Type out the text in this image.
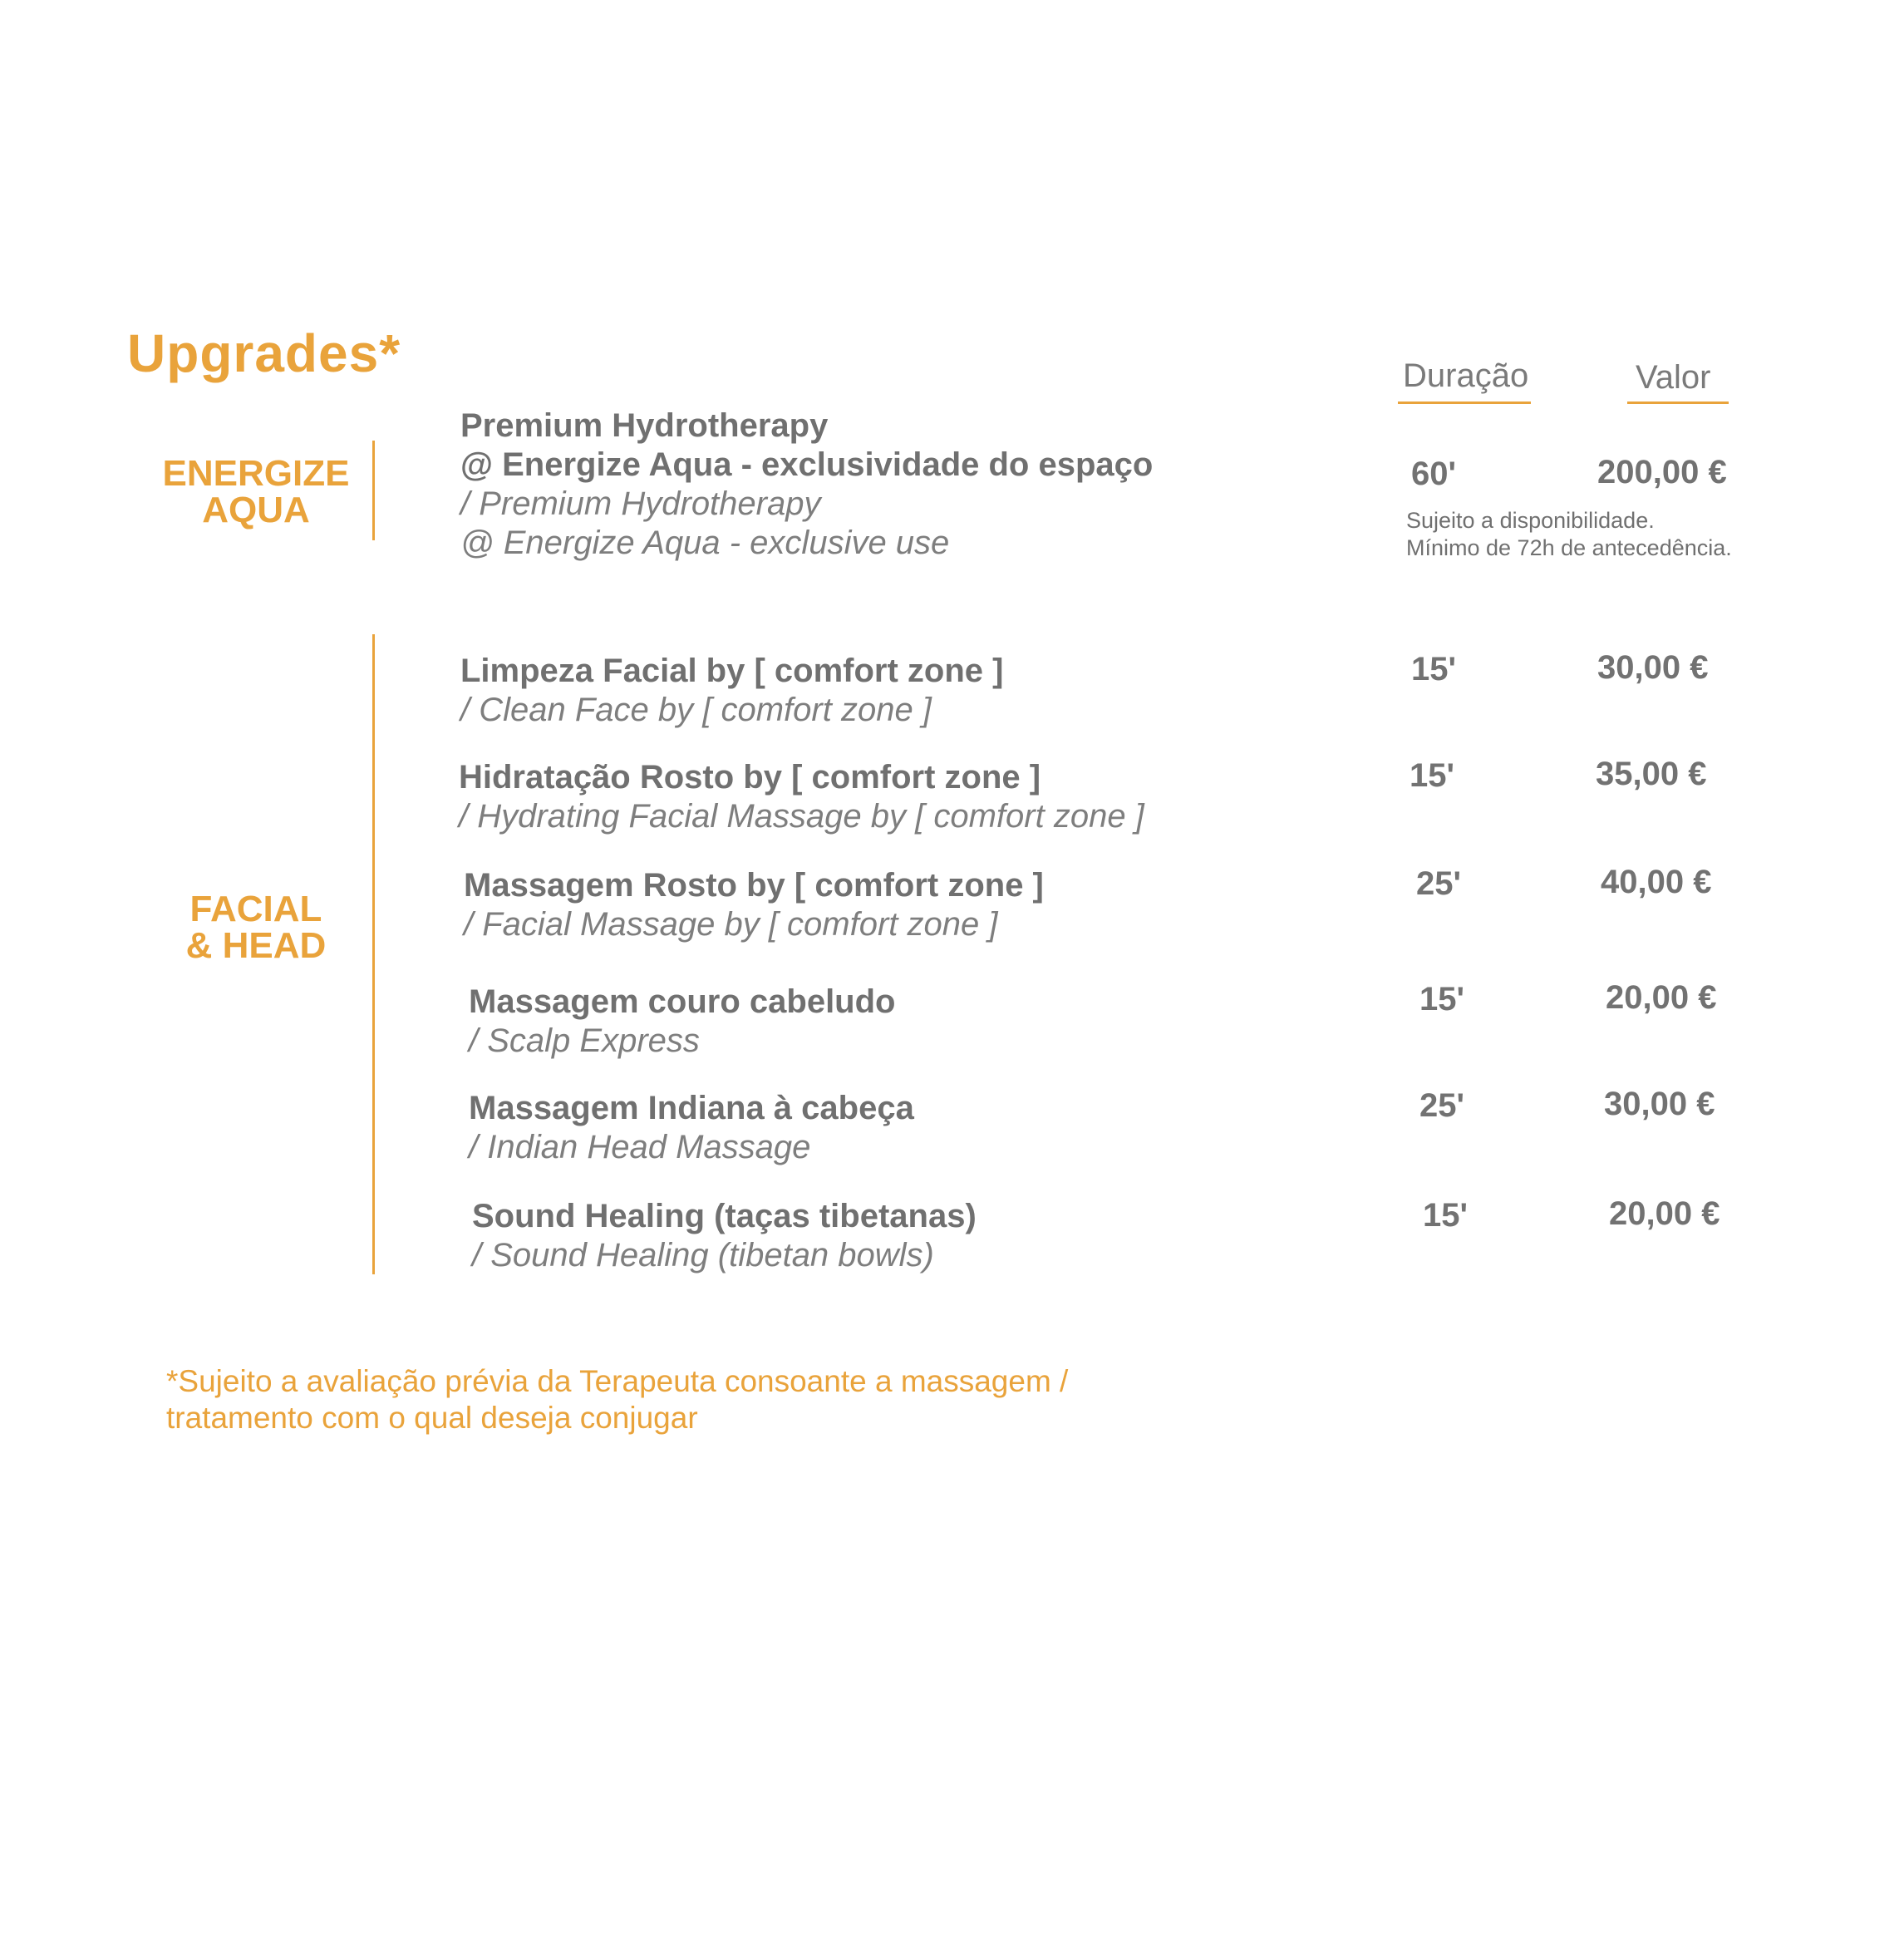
Upgrades*	Duração	Valor
ENERGIZE
AQUA
Premium Hydrotherapy
@ Energize Aqua - exclusividade do espaço
/ Premium Hydrotherapy
@ Energize Aqua - exclusive use
60'	200,00 €
Sujeito a disponibilidade.
Mínimo de 72h de antecedência.
FACIAL
& HEAD
Limpeza Facial by [ comfort zone ]
/ Clean Face by [ comfort zone ]
15'	30,00 €
Hidratação Rosto by [ comfort zone ]
/ Hydrating Facial Massage by [ comfort zone ]
15'	35,00 €
Massagem Rosto by [ comfort zone ]
/ Facial Massage by [ comfort zone ]
25'	40,00 €
Massagem couro cabeludo
/ Scalp Express
15'	20,00 €
Massagem Indiana à cabeça
/ Indian Head Massage
25'	30,00 €
Sound Healing (taças tibetanas)
/ Sound Healing (tibetan bowls)
15'	20,00 €
*Sujeito a avaliação prévia da Terapeuta consoante a massagem /
tratamento com o qual deseja conjugar
